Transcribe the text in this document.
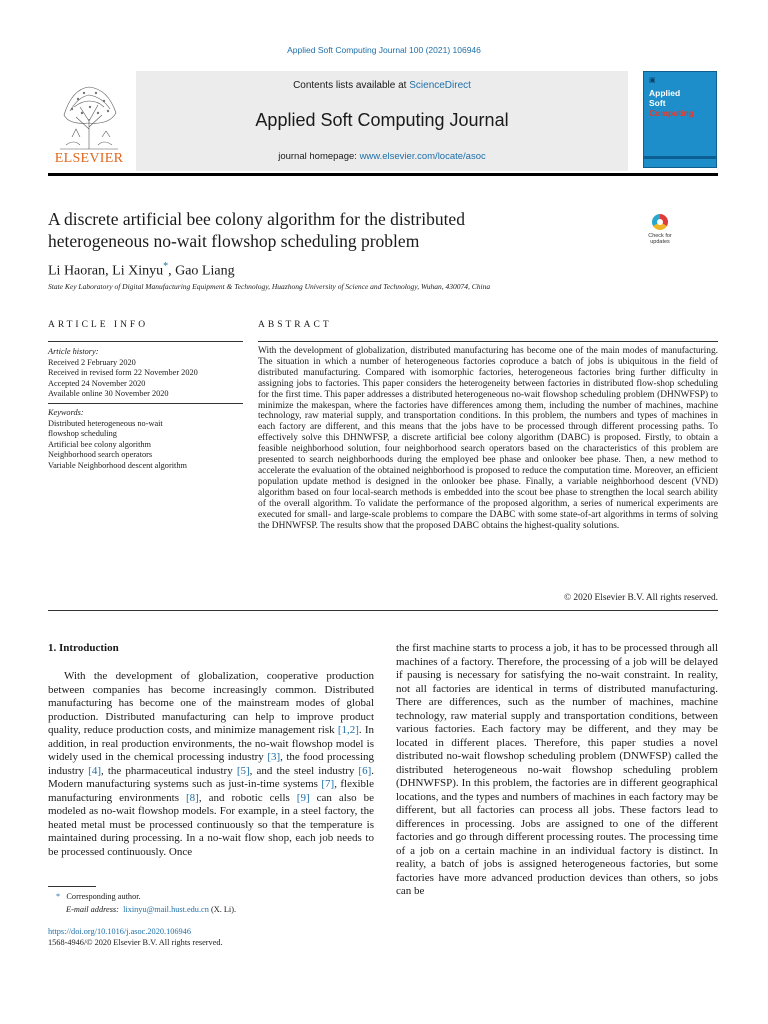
Applied Soft Computing Journal 100 (2021) 106946
ELSEVIER
Contents lists available at ScienceDirect
Applied Soft Computing Journal
journal homepage: www.elsevier.com/locate/asoc
▣
Applied
Soft
Computing
A discrete artificial bee colony algorithm for the distributed
heterogeneous no-wait flowshop scheduling problem	Check for
updates
Li Haoran, Li Xinyu*, Gao Liang
State Key Laboratory of Digital Manufacturing Equipment & Technology, Huazhong University of Science and Technology, Wuhan, 430074, China
ARTICLE INFO	ABSTRACT
Article history:
Received 2 February 2020
Received in revised form 22 November 2020
Accepted 24 November 2020
Available online 30 November 2020
Keywords:
Distributed heterogeneous no-wait
flowshop scheduling
Artificial bee colony algorithm
Neighborhood search operators
Variable Neighborhood descent algorithm
With the development of globalization, distributed manufacturing has become one of the main modes of manufacturing. The situation in which a number of heterogeneous factories coproduce a batch of jobs is ubiquitous in the field of distributed manufacturing. Compared with isomorphic factories, heterogeneous factories bring further difficulty in assigning jobs to factories. This paper considers the heterogeneity between factories in distributed flow-shop scheduling for the first time. This paper addresses a distributed heterogeneous no-wait flowshop scheduling problem (DHNWFSP) to minimize the makespan, where the factories have differences among them, including the number of machines, machine technology, raw material supply, and transportation conditions. In this problem, the numbers and types of machines in each factory are different, and this means that the jobs have to be processed through different processing paths. To effectively solve this DHNWFSP, a discrete artificial bee colony algorithm (DABC) is proposed. Firstly, to obtain a feasible neighborhood solution, four neighborhood search operators based on the characteristics of this problem are presented to search neighborhoods during the employed bee phase and onlooker bee phase. Then, a new method to accelerate the evaluation of the obtained neighborhood is proposed to reduce the computation time. Moreover, an efficient population update method is designed in the onlooker bee phase. Finally, a variable neighborhood descent (VND) algorithm based on four local-search methods is embedded into the scout bee phase to strengthen the local search ability of the overall algorithm. To validate the performance of the proposed algorithm, a series of numerical experiments are executed for small- and large-scale problems to compare the DABC with some state-of-art algorithms in terms of solving the DHNWFSP. The results show that the proposed DABC obtains the highest-quality solutions.
© 2020 Elsevier B.V. All rights reserved.
1. Introduction
With the development of globalization, cooperative production between companies has become increasingly common. Distributed manufacturing has become one of the mainstream modes of global production. Distributed manufacturing can help to improve product quality, reduce production costs, and minimize management risk [1,2]. In addition, in real production environments, the no-wait flowshop model is widely used in the chemical processing industry [3], the food processing industry [4], the pharmaceutical industry [5], and the steel industry [6]. Modern manufacturing systems such as just-in-time systems [7], flexible manufacturing environments [8], and robotic cells [9] can also be modeled as no-wait flowshop models. For example, in a steel factory, the heated metal must be processed continuously so that the temperature is maintained during processing. In a no-wait flow shop, each job needs to be processed continuously. Once
the first machine starts to process a job, it has to be processed through all machines of a factory. Therefore, the processing of a job will be delayed if pausing is necessary for satisfying the no-wait constraint. In reality, not all factories are identical in terms of distributed manufacturing. There are differences, such as the number of machines, machine technology, raw material supply and transportation conditions, between various factories. Each factory may be different, and they may be located in different places. Therefore, this paper studies a novel distributed no-wait flowshop scheduling problem (DNWFSP) called the distributed heterogeneous no-wait flowshop scheduling problem (DHNWFSP). In this problem, the factories are in different geographical locations, and the types and numbers of machines in each factory may be different, but all factories can process all jobs. These factors lead to differences in processing. Jobs are assigned to one of the different factories and go through different processing routes. The processing time of a job on a certain machine in an individual factory is distinct. In reality, a batch of jobs is assigned heterogeneous factories, but some factories have more advanced production devices than others, so jobs can be
* Corresponding author.
E-mail address: lixinyu@mail.hust.edu.cn (X. Li).
https://doi.org/10.1016/j.asoc.2020.106946
1568-4946/© 2020 Elsevier B.V. All rights reserved.
